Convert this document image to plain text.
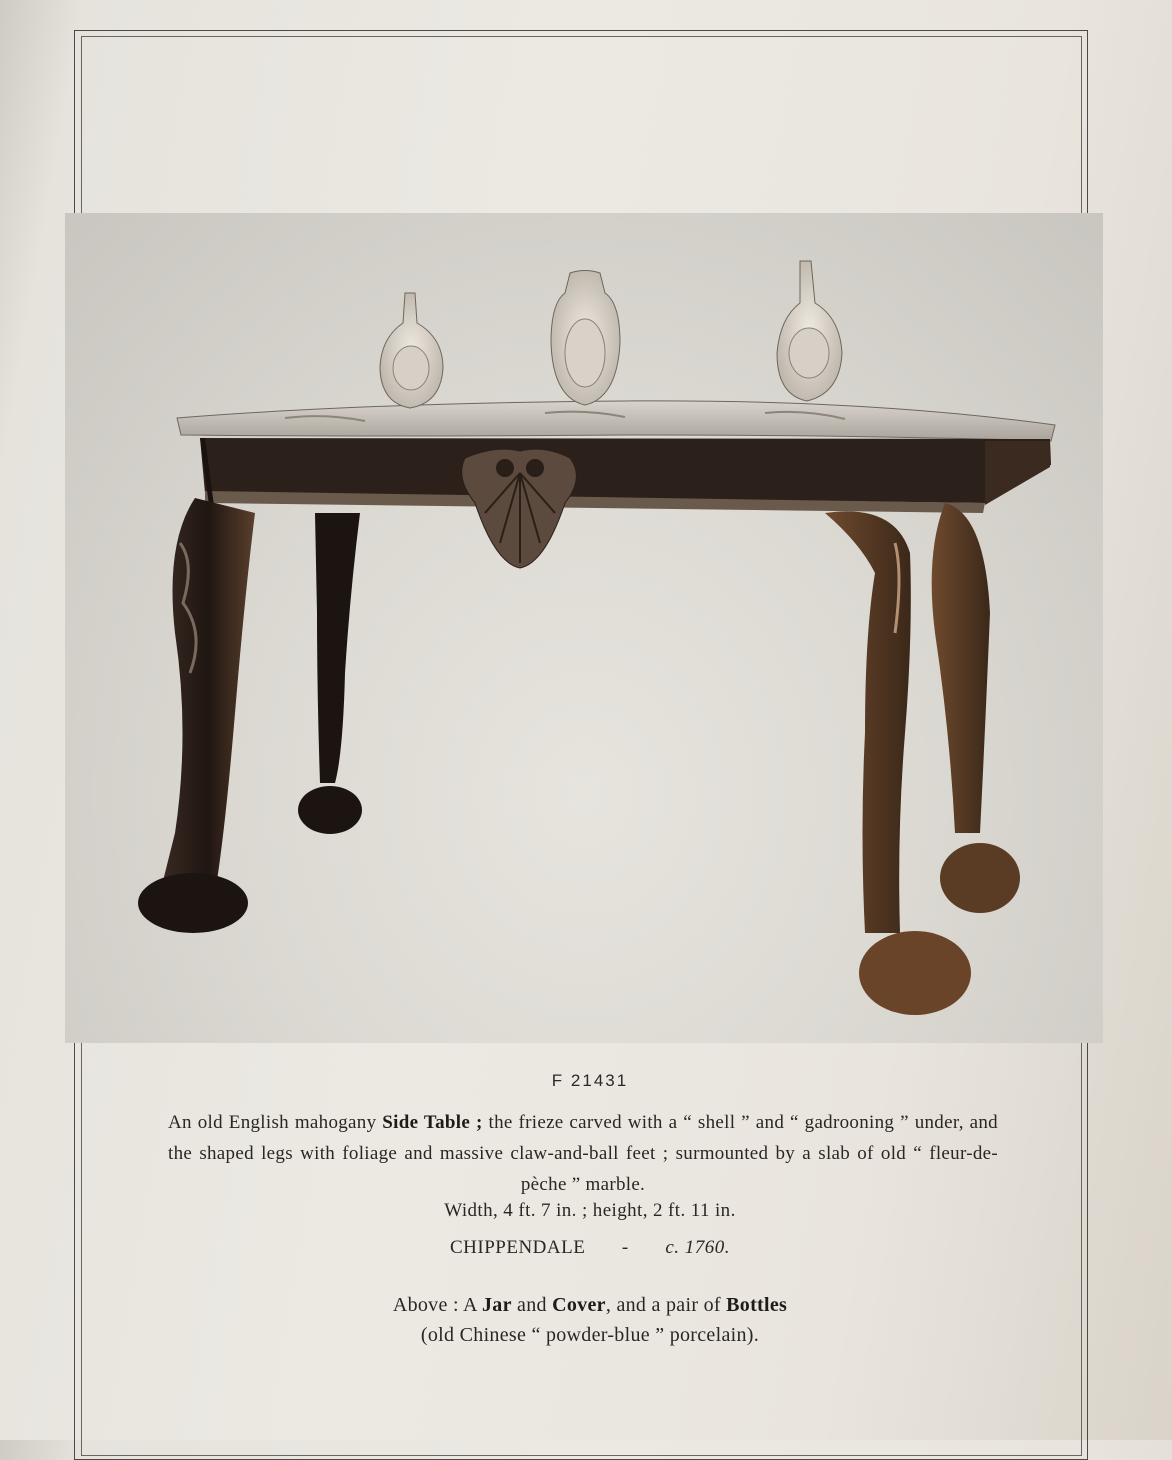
F 21431
An old English mahogany Side Table ; the frieze carved with a “ shell ” and “ gadrooning ” under, and the shaped legs with foliage and massive claw-and-ball feet ; surmounted by a slab of old “ fleur-de-pèche ” marble.
Width, 4 ft. 7 in. ; height, 2 ft. 11 in.
CHIPPENDALE - c. 1760.
Above : A Jar and Cover, and a pair of Bottles
(old Chinese “ powder-blue ” porcelain).
